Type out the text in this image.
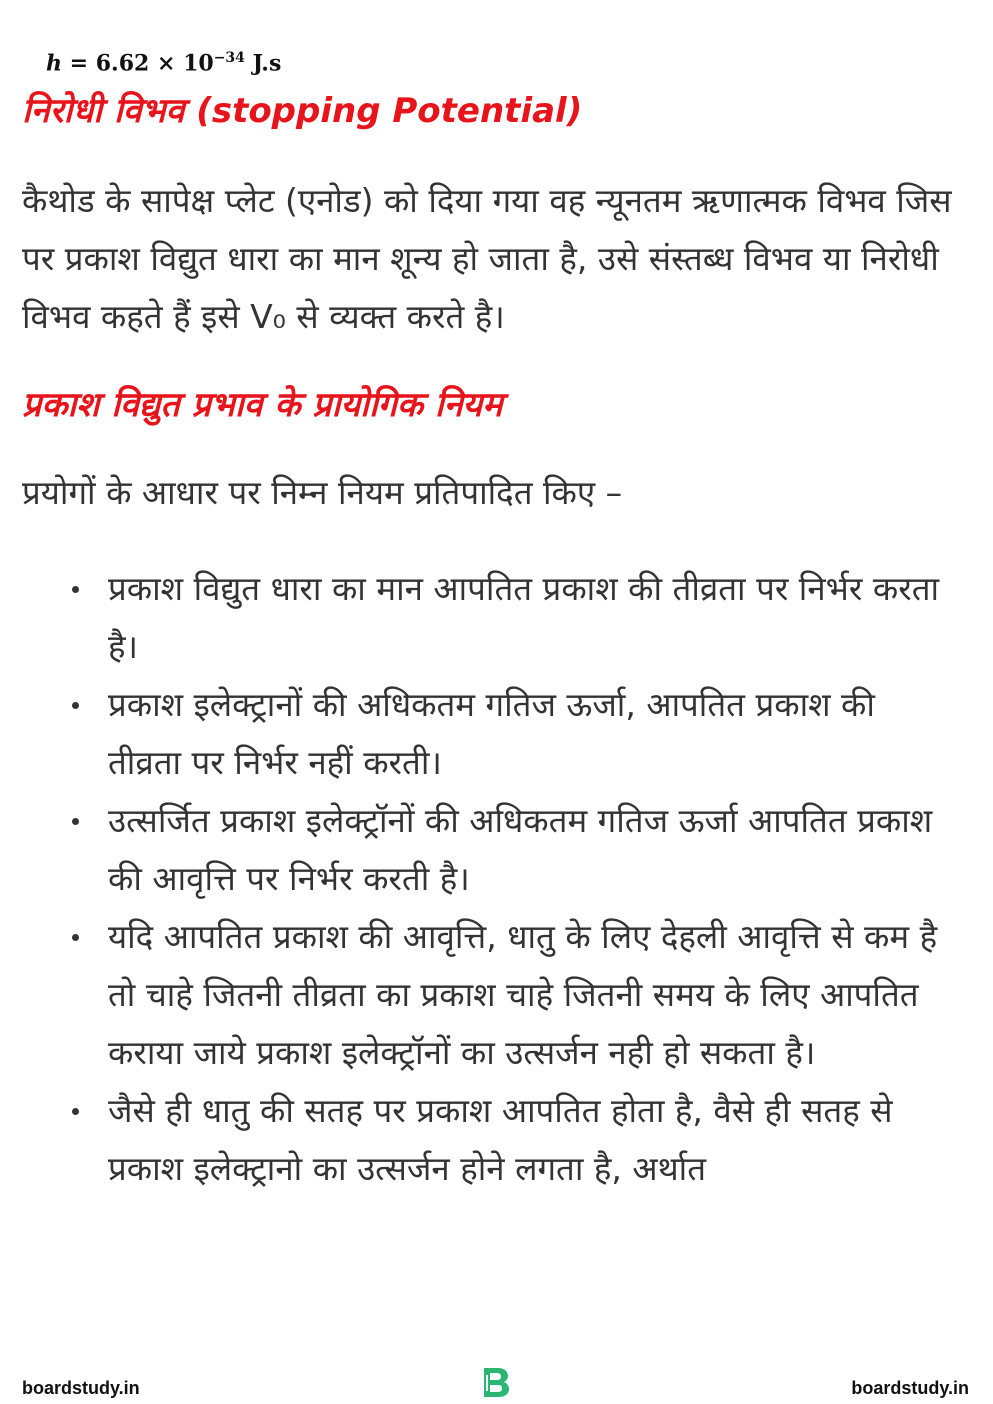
$h = 6.62 \times 10^{-34}$ J.s
निरोधी विभव (stopping Potential)

कैथोड के सापेक्ष प्लेट (एनोड) को दिया गया वह न्यूनतम ऋणात्मक विभव जिस पर प्रकाश विद्युत धारा का मान शून्य हो जाता है, उसे संस्तब्ध विभव या निरोधी विभव कहते हैं इसे V₀ से व्यक्त करते है।

प्रकाश विद्युत प्रभाव के प्रायोगिक नियम

प्रयोगों के आधार पर निम्न नियम प्रतिपादित किए –

प्रकाश विद्युत धारा का मान आपतित प्रकाश की तीव्रता पर निर्भर करता है।
प्रकाश इलेक्ट्रानों की अधिकतम गतिज ऊर्जा, आपतित प्रकाश की तीव्रता पर निर्भर नहीं करती।
उत्सर्जित प्रकाश इलेक्ट्रॉनों की अधिकतम गतिज ऊर्जा आपतित प्रकाश की आवृत्ति पर निर्भर करती है।
यदि आपतित प्रकाश की आवृत्ति, धातु के लिए देहली आवृत्ति से कम है तो चाहे जितनी तीव्रता का प्रकाश चाहे जितनी समय के लिए आपतित कराया जाये प्रकाश इलेक्ट्रॉनों का उत्सर्जन नही हो सकता है।
जैसे ही धातु की सतह पर प्रकाश आपतित होता है, वैसे ही सतह से प्रकाश इलेक्ट्रानो का उत्सर्जन होने लगता है, अर्थात
boardstudy.in	boardstudy.in
